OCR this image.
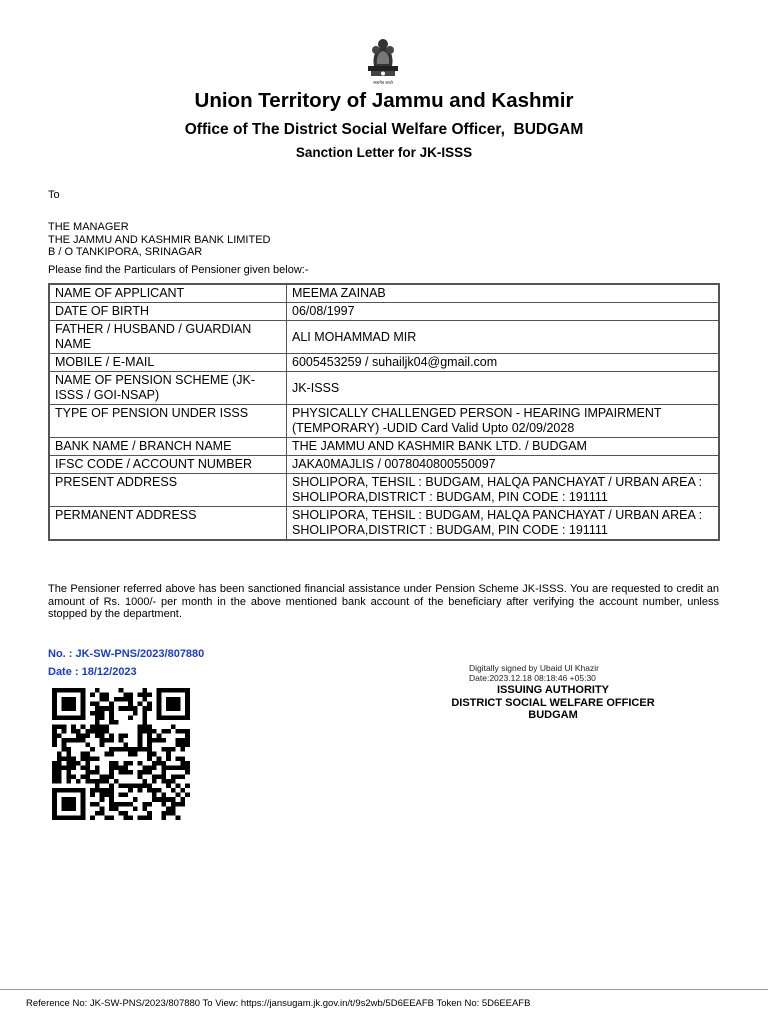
सत्यमेव जयते
Union Territory of Jammu and Kashmir
Office of The District Social Welfare Officer,  BUDGAM
Sanction Letter for JK-ISSS
To
THE MANAGER
THE JAMMU AND KASHMIR BANK LIMITED
B / O TANKIPORA, SRINAGAR
Please find the Particulars of Pensioner given below:-
NAME OF APPLICANT	MEEMA ZAINAB
DATE OF BIRTH	06/08/1997
FATHER / HUSBAND / GUARDIAN NAME	ALI MOHAMMAD MIR
MOBILE / E-MAIL	6005453259 / suhailjk04@gmail.com
NAME OF PENSION SCHEME (JK-ISSS / GOI-NSAP)	JK-ISSS
TYPE OF PENSION UNDER ISSS	PHYSICALLY CHALLENGED PERSON - HEARING IMPAIRMENT (TEMPORARY) -UDID Card Valid Upto 02/09/2028
BANK NAME / BRANCH NAME	THE JAMMU AND KASHMIR BANK LTD. / BUDGAM
IFSC CODE / ACCOUNT NUMBER	JAKA0MAJLIS / 0078040800550097
PRESENT ADDRESS	SHOLIPORA, TEHSIL : BUDGAM, HALQA PANCHAYAT / URBAN AREA : SHOLIPORA,DISTRICT : BUDGAM, PIN CODE : 191111
PERMANENT ADDRESS	SHOLIPORA, TEHSIL : BUDGAM, HALQA PANCHAYAT / URBAN AREA : SHOLIPORA,DISTRICT : BUDGAM, PIN CODE : 191111
The Pensioner referred above has been sanctioned financial assistance under Pension Scheme JK-ISSS. You are requested to credit an amount of Rs. 1000/- per month in the above mentioned bank account of the beneficiary after verifying the account number, unless stopped by the department.
No. : JK-SW-PNS/2023/807880
Date : 18/12/2023	Digitally signed by Ubaid Ul Khazir
Date:2023.12.18 08:18:46 +05:30
ISSUING AUTHORITY
DISTRICT SOCIAL WELFARE OFFICER
BUDGAM
Reference No: JK-SW-PNS/2023/807880 To View: https://jansugam.jk.gov.in/t/9s2wb/5D6EEAFB Token No: 5D6EEAFB
